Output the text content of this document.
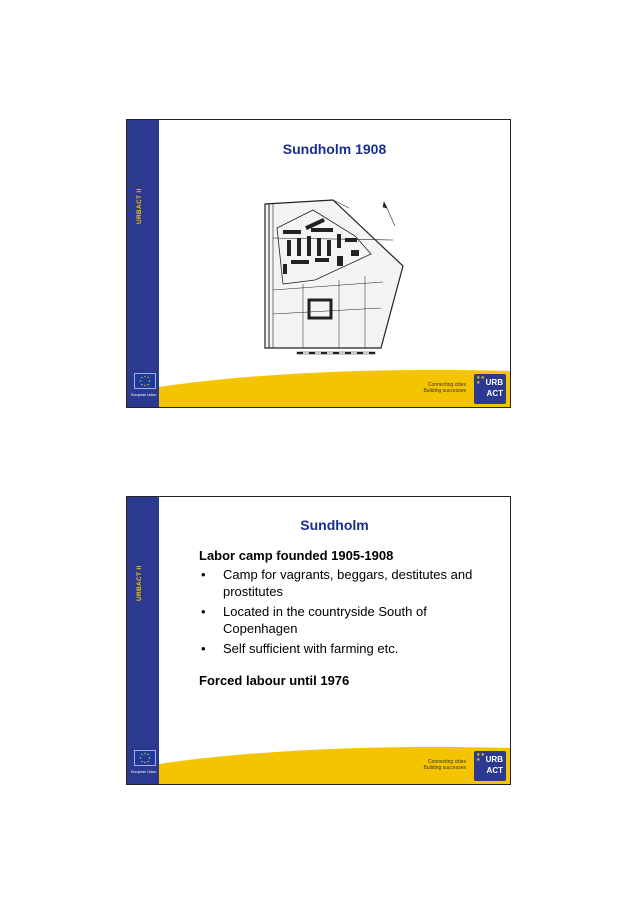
URBACT II
European Union
Sundholm 1908
Connecting cities
Building successes
★★
★ URB
ACT
URBACT II
European Union
Sundholm
Labor camp founded 1905-1908
• Camp for vagrants, beggars, destitutes and prostitutes
• Located in the countryside South of Copenhagen
• Self sufficient with farming etc.
Forced labour until 1976
Connecting cities
Building successes
★★
★ URB
ACT
